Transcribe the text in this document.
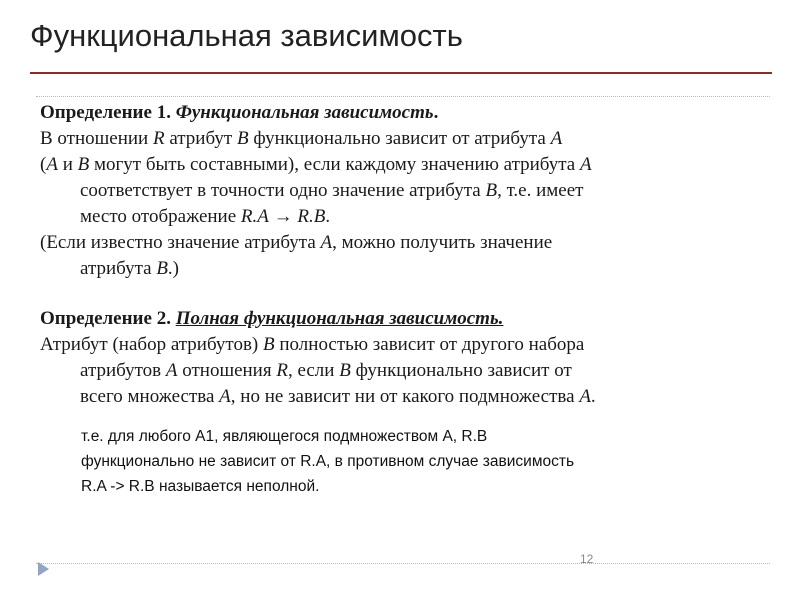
Функциональная зависимость

Определение 1. Функциональная зависимость.

В отношении R атрибут B функционально зависит от атрибута A

(A и B могут быть составными), если каждому значению атрибута A

соответствует в точности одно значение атрибута B, т.е. имеет

место отображение R.A → R.B.

(Если известно значение атрибута A, можно получить значение

атрибута B.)

Определение 2. Полная функциональная зависимость.

Атрибут (набор атрибутов) B полностью зависит от другого набора

атрибутов A отношения R, если B функционально зависит от

всего множества A, но не зависит ни от какого подмножества A.

т.е. для любого А1, являющегося подмножеством А, R.B

функционально не зависит от R.A, в противном случае зависимость

R.A -> R.B называется неполной.

12
